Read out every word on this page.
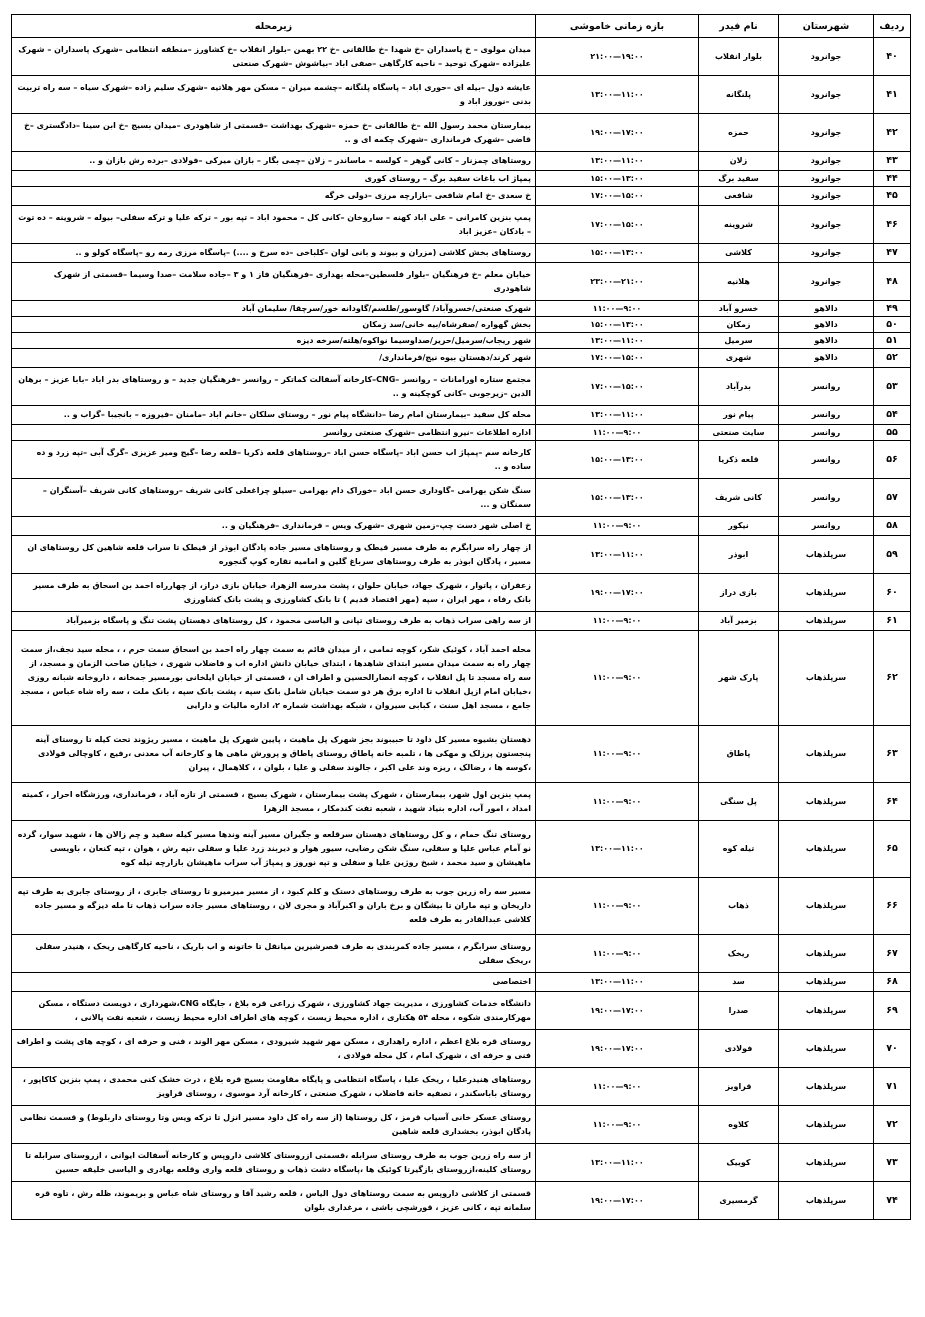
ردیف	شهرستان	نام فیدر	بازه زمانی خاموشی	زیرمحله
۴۰	جوانرود	بلوار انقلاب	۱۹:۰۰—۲۱:۰۰	میدان مولوی – خ پاسداران –خ شهدا –خ طالقانی –خ ۲۲ بهمن –بلوار انقلاب –خ کشاورز –منطقه انتظامی –شهرک پاسداران – شهرک علیزاده –شهرک توحید – ناحیه کارگاهی –صفی اباد –بیاشوش –شهرک صنعتی
۴۱	جوانرود	پلنگانه	۱۱:۰۰—۱۳:۰۰	عایشه دول –بیله ای –حوری اباد – پاسگاه پلنگانه –چشمه میران – مسکن مهر هلاتیه –شهرک سلیم زاده –شهرک سیاه – سه راه تربیت بدنی –نوروز اباد و
۴۲	جوانرود	حمزه	۱۷:۰۰—۱۹:۰۰	بیمارستان محمد رسول الله –خ طالقانی –خ حمزه –شهرک بهداشت –قسمتی از شاهودری –میدان بسیج –خ ابن سینا –دادگستری –خ قاضی –شهرک فرمانداری –شهرک چکمه ای و ..
۴۳	جوانرود	زلان	۱۱:۰۰—۱۳:۰۰	روستاهای چمزنار – کانی گوهر – کولسه – ماساندر – زلان –چمی بگار – بازان میرکی –فولادی –برده رش بازان و ..
۴۴	جوانرود	سفید برگ	۱۳:۰۰—۱۵:۰۰	پمپاژ اب باغات سفید برگ – روستای کوری
۴۵	جوانرود	شافعی	۱۵:۰۰—۱۷:۰۰	خ سعدی –خ امام شافعی –بازارچه مرزی –دولی خرگه
۴۶	جوانرود	شروینه	۱۵:۰۰—۱۷:۰۰	پمپ بنزین کامرانی – علی اباد کهنه – ساروخان –کانی کل – محمود اباد – تپه بور – ترکه علیا و ترکه سفلی– بیوله – شروینه – ده توت – بادکان –عزیز اباد
۴۷	جوانرود	کلاشی	۱۳:۰۰—۱۵:۰۰	روستاهای بخش کلاشی (مزران و بیوند و بانی لوان –کلباخی –ده سرخ و ....) –پاسگاه مرزی رمه رو –پاسگاه کولو و ..
۴۸	جوانرود	هلانیه	۲۱:۰۰—۲۳:۰۰	خیابان معلم –خ فرهنگیان –بلوار فلسطین–محله بهداری –فرهنگیان فاز ۱ و ۳ –جاده سلامت –صدا وسیما –قسمتی از شهرک شاهودری
۴۹	دالاهو	خسرو آباد	۹:۰۰—۱۱:۰۰	شهرک صنعتی/خسروآباد/ گاوسور/طلسم/گاودانه خور/سرچقا/ سلیمان آباد
۵۰	دالاهو	زمکان	۱۳:۰۰—۱۵:۰۰	بخش گهواره /صفرشاه/بیه خانی/سد زمکان
۵۱	دالاهو	سرمیل	۱۱:۰۰—۱۳:۰۰	شهر ریجاب/سرمیل/حریر/صداوسیما نواکوه/هلته/سرخه دیزه
۵۲	دالاهو	شهری	۱۵:۰۰—۱۷:۰۰	شهر کرند/دهستان بیوه نیج/فرمانداری/
۵۳	روانسر	بدرآباد	۱۵:۰۰—۱۷:۰۰	مجتمع ستاره اورامانات – روانسر –CNG–کارخانه آسفالت کماتکر – روانسر –فرهنگیان جدید – و روستاهای بدر اباد –بابا عزیز – برهان الدین –زیرجوبی –کانی کوچکینه و ..
۵۴	روانسر	پیام نور	۱۱:۰۰—۱۳:۰۰	محله کل سفید –بیمارستان امام رضا –دانشگاه پیام نور – روستای سلکان –خانم اباد –مامنان –فیروزه – بانجیبا –گراب و ..
۵۵	روانسر	سایت صنعتی	۹:۰۰—۱۱:۰۰	اداره اطلاعات –نیرو انتظامی –شهرک صنعتی روانسر
۵۶	روانسر	قلعه ذکریا	۱۳:۰۰—۱۵:۰۰	کارخانه سم –پمپاژ اب حسن اباد –پاسگاه حسن اباد –روستاهای قلعه ذکریا –قلعه رضا –گیج ومیر عزیزی –گرگ آبی –تپه زرد و ده ساده و ..
۵۷	روانسر	کانی شریف	۱۳:۰۰—۱۵:۰۰	سنگ شکن بهرامی –گاوداری حسن اباد –خوراک دام بهرامی –سیلو چراغعلی کانی شریف –روستاهای کانی شریف –آسنگران –سمنگان و ...
۵۸	روانسر	نیکور	۹:۰۰—۱۱:۰۰	خ اصلی شهر دست چپ–زمین شهری –شهرک ویس – فرمانداری –فرهنگیان و ..
۵۹	سرپلذهاب	ابوذر	۱۱:۰۰—۱۳:۰۰	از چهار راه سرابگرم به طرف مسیر قیطک و روستاهای مسیر جاده پادگان ابوذر از قیطک تا سراب قلعه شاهین کل روستاهای ان مسیر ، پادگان ابوذر به طرف روستاهای سرباغ گلین و امامیه تقاره کوپ گنجوره
۶۰	سرپلذهاب	بازی دراز	۱۷:۰۰—۱۹:۰۰	زعفران ، پاتوار ، شهرک جهاد، خیابان حلوان ، پشت مدرسه الزهرا، خیابان بازی دراز، از چهارراه احمد بن اسحاق به طرف مسیر بانک رفاه ، مهر ایران ، سپه (مهر اقتصاد قدیم ) تا بانک کشاورزی و پشت بانک کشاورزی
۶۱	سرپلذهاب	بزمیر آباد	۹:۰۰—۱۱:۰۰	از سه راهی سراب ذهاب به طرف روستای تپانی و الیاسی محمود ، کل روستاهای دهستان پشت تنگ و پاسگاه بزمیرآباد
۶۲	سرپلذهاب	پارک شهر	۹:۰۰—۱۱:۰۰	محله احمد آباد ، کوئیک شکر، کوچه تمامی ، از میدان قائم به سمت چهار راه احمد بن اسحاق سمت حرم ، ، محله سید نجف،از سمت چهار راه به سمت میدان مسیر ابتدای شاهدها ، ابتدای خیابان دانش اداره اب و فاضلاب شهری ، خیابان صاحب الزمان و مسجد، از سه راه مسجد تا پل انقلاب ، کوچه انصارالحسین و اطراف ان ، قسمتی از خیابان ایلخانی بورمسیر جمخانه ، داروخانه شبانه روزی ،خیابان امام ازپل انقلاب تا اداره برق هر دو سمت خیابان شامل بانک سپه ، پشت بانک سپه ، بانک ملت ، سه راه شاه عباس ، مسجد جامع ، مسجد اهل سنت ، کبابی سیروان ، شبکه بهداشت شماره ۲، اداره مالیات و دارایی
۶۳	سرپلذهاب	پاطاق	۹:۰۰—۱۱:۰۰	دهستان بشیوه مسیر کل داود تا حبیبوند بجز شهرک پل ماهیت ، پایین شهرک پل ماهیت ، مسیر ریژوند تحت کیله تا روستای آینه پنجستون پرزلک و مهکی ها ، تلمبه خانه پاطاق روستای پاطاق و پرورش ماهی ها و کارخانه آب معدنی ،رفیع ، کاوچالی فولادی ،کوسه ها ، رضالک ، ریزه وند علی اکبر ، جالوند سفلی و علیا ، بلوان ، ، کلاهمال ، پیران
۶۴	سرپلذهاب	پل سنگی	۹:۰۰—۱۱:۰۰	پمپ بنزین اول شهر، بیمارستان ، شهرک پشت بیمارستان ، شهرک بسیج ، قسمتی از تازه آباد ، فرمانداری، ورزشگاه احرار ، کمیته امداد ، امور آب، اداره بنیاد شهید ، شعبه تفت کندمکار ، مسجد الزهرا
۶۵	سرپلذهاب	تیله کوه	۱۱:۰۰—۱۳:۰۰	روستای تنگ حمام ، و کل روستاهای دهستان سرقلعه و جگیران مسیر آینه وندها مسیر کیله سفید و چم زالان ها ، شهید سوار، گرده نو آمام عباس علیا و سفلی، سنگ شکن رضایی، سیور هوار و دیربند زرد علیا و سفلی ،تپه رش ، هوان ، تپه کنعان ، باویسی ماهیشان و سید محمد ، شیخ روژین علیا و سفلی و تپه نوروز و پمپاژ آب سراب ماهیشان بازارچه تیله کوه
۶۶	سرپلذهاب	ذهاب	۹:۰۰—۱۱:۰۰	مسیر سه راه زرین جوب به طرف روستاهای دستک و کلم کبود ، از مسیر میرمیرو تا روستای جابری ، از روستای جابری به طرف تپه داریخان و تپه ماران تا بیشگان و برخ باران و اکبرآباد و مجری لان ، روستاهای مسیر جاده سراب ذهاب تا مله دیزگه و مسیر جاده کلاشی عبدالقادر به طرف قلعه
۶۷	سرپلذهاب	ریخک	۹:۰۰—۱۱:۰۰	روستای سرابگرم ، مسیر جاده کمربندی به طرف قصرشیرین میانقل تا خاتونه و اب باریک ، ناحیه کارگاهی ریخک ، هنیدر سفلی ،ریخک سفلی
۶۸	سرپلذهاب	سد	۱۱:۰۰—۱۳:۰۰	اختصاصی
۶۹	سرپلذهاب	صدرا	۱۷:۰۰—۱۹:۰۰	دانشگاه خدمات کشاورزی ، مدیریت جهاد کشاورزی ، شهرک زراعی قره بلاغ ، جایگاه CNG،شهرداری ، دویست دستگاه ، مسکن مهرکارمندی شکوه ، محله ۵۴ هکتاری ، اداره محیط زیست ، کوچه های اطراف اداره محیط زیست ، شعبه نفت پالانی ،
۷۰	سرپلذهاب	فولادی	۱۷:۰۰—۱۹:۰۰	روستای قره بلاغ اعظم ، اداره راهداری ، مسکن مهر شهید شیرودی ، مسکن مهر الوند ، فنی و حرفه ای ، کوچه های پشت و اطراف فنی و حرفه ای ، شهرک امام ، کل محله فولادی ،
۷۱	سرپلذهاب	قراویز	۹:۰۰—۱۱:۰۰	روستاهای هنیدرعلیا ، ریخک علیا ، پاسگاه انتظامی و پایگاه مقاومت بسیج قره بلاغ ، درت خشک کنی محمدی ، پمپ بنزین کاکاپور ، روستای باباسکندر ، تصفیه خانه فاضلاب ، شهرک صنعتی ، کارخانه آرد موسوی ، روستای قراویز
۷۲	سرپلذهاب	کلاوه	۹:۰۰—۱۱:۰۰	روستای عسکر خانی آسیاب قرمز ، کل روستاها (از سه راه کل داود مسیر انزل تا ترکه ویس وتا روستای داربلوط) و قسمت نظامی پادگان ابوذر، بخشداری قلعه شاهین
۷۳	سرپلذهاب	کوییک	۱۱:۰۰—۱۳:۰۰	از سه راه زرین جوب به طرف روستای سرابله ،قسمتی ازروستای کلاشی داروپس و کارخانه آسفالت ایوانی ، ازروستای سرابله تا روستای کلینه،ازروستای بازگیرتا کوئیک ها ،پاسگاه دشت ذهاب و روستای قلعه واری وقلعه بهادری و الیاسی خلیفه حسین
۷۴	سرپلذهاب	گرمسیری	۱۷:۰۰—۱۹:۰۰	قسمتی از کلاشی داروپس به سمت روستاهای دول الیاس ، قلعه رشید آقا و روستای شاه عباس و بریموند، ظله رش ، تاوه قره سلمانه تپه ، کانی عزیز ، قورشچی باشی ، مرغداری بلوان
